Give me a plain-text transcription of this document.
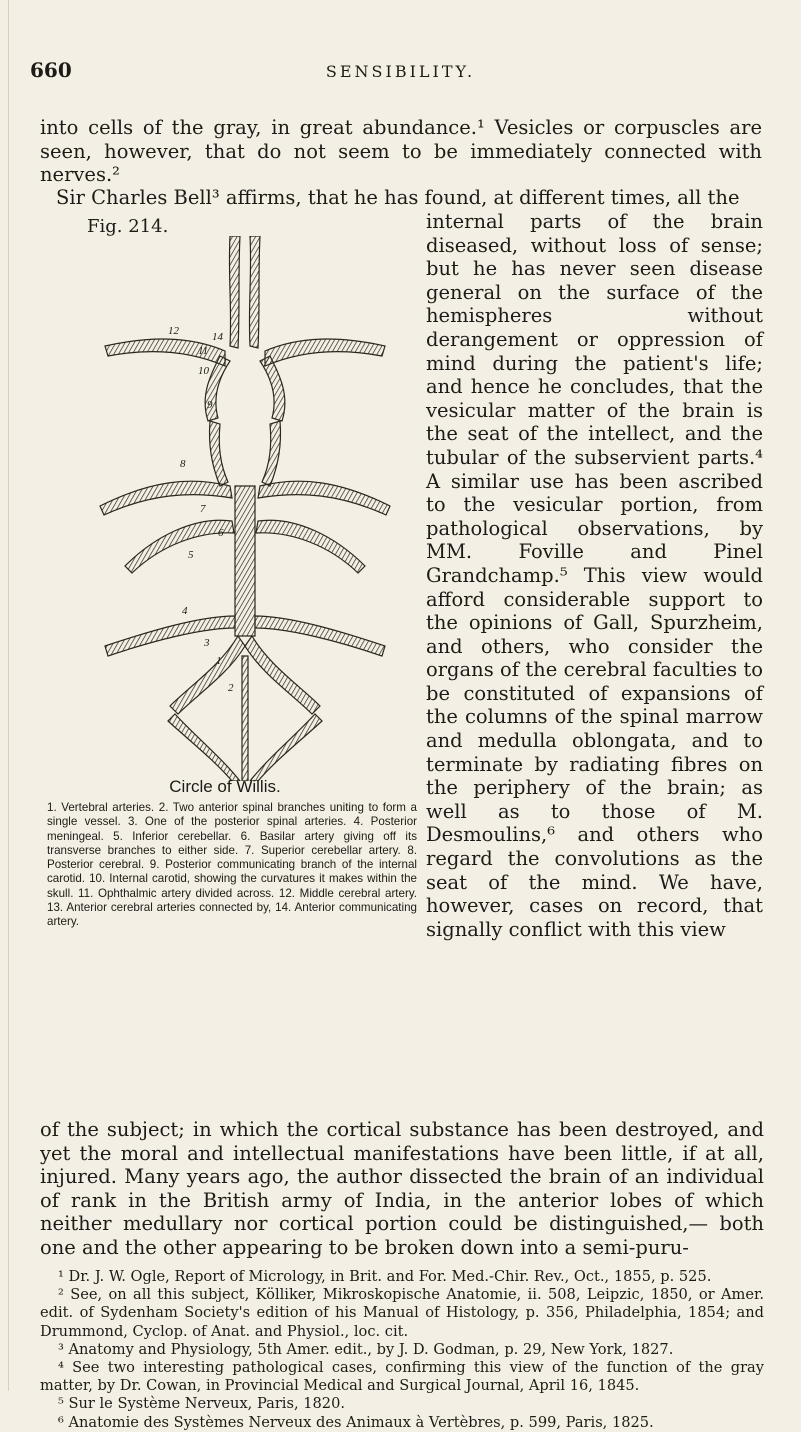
660	SENSIBILITY.

into cells of the gray, in great abundance.¹ Vesicles or corpuscles are seen, however, that do not seem to be immediately connected with nerves.²

Sir Charles Bell³ affirms, that he has found, at different times, all the
Fig. 214.
14
12
11
10
9
8
7
6
5
4
3
2
1
Circle of Willis.
1. Vertebral arteries. 2. Two anterior spinal branches uniting to form a single vessel. 3. One of the posterior spinal arteries. 4. Posterior meningeal. 5. Inferior cerebellar. 6. Basilar artery giving off its transverse branches to either side. 7. Superior cerebellar artery. 8. Posterior cerebral. 9. Posterior communicating branch of the internal carotid. 10. Internal carotid, showing the curvatures it makes within the skull. 11. Ophthalmic artery divided across. 12. Middle cerebral artery. 13. Anterior cerebral arteries connected by, 14. Anterior communicating artery.

internal parts of the brain diseased, without loss of sense; but he has never seen disease general on the surface of the hemispheres without derangement or oppression of mind during the patient's life; and hence he concludes, that the vesicular matter of the brain is the seat of the intellect, and the tubular of the subservient parts.⁴ A similar use has been ascribed to the vesicular portion, from pathological observations, by MM. Foville and Pinel Grandchamp.⁵ This view would afford considerable support to the opinions of Gall, Spurzheim, and others, who consider the organs of the cerebral faculties to be constituted of expansions of the columns of the spinal marrow and medulla oblongata, and to terminate by radiating fibres on the periphery of the brain; as well as to those of M. Desmoulins,⁶ and others who regard the convolutions as the seat of the mind. We have, however, cases on record, that signally conflict with this view

of the subject; in which the cortical substance has been destroyed, and yet the moral and intellectual manifestations have been little, if at all, injured. Many years ago, the author dissected the brain of an individual of rank in the British army of India, in the anterior lobes of which neither medullary nor cortical portion could be distinguished,— both one and the other appearing to be broken down into a semi-puru-

¹ Dr. J. W. Ogle, Report of Micrology, in Brit. and For. Med.-Chir. Rev., Oct., 1855, p. 525.

² See, on all this subject, Kölliker, Mikroskopische Anatomie, ii. 508, Leipzic, 1850, or Amer. edit. of Sydenham Society's edition of his Manual of Histology, p. 356, Philadelphia, 1854; and Drummond, Cyclop. of Anat. and Physiol., loc. cit.

³ Anatomy and Physiology, 5th Amer. edit., by J. D. Godman, p. 29, New York, 1827.

⁴ See two interesting pathological cases, confirming this view of the function of the gray matter, by Dr. Cowan, in Provincial Medical and Surgical Journal, April 16, 1845.

⁵ Sur le Système Nerveux, Paris, 1820.

⁶ Anatomie des Systèmes Nerveux des Animaux à Vertèbres, p. 599, Paris, 1825.
